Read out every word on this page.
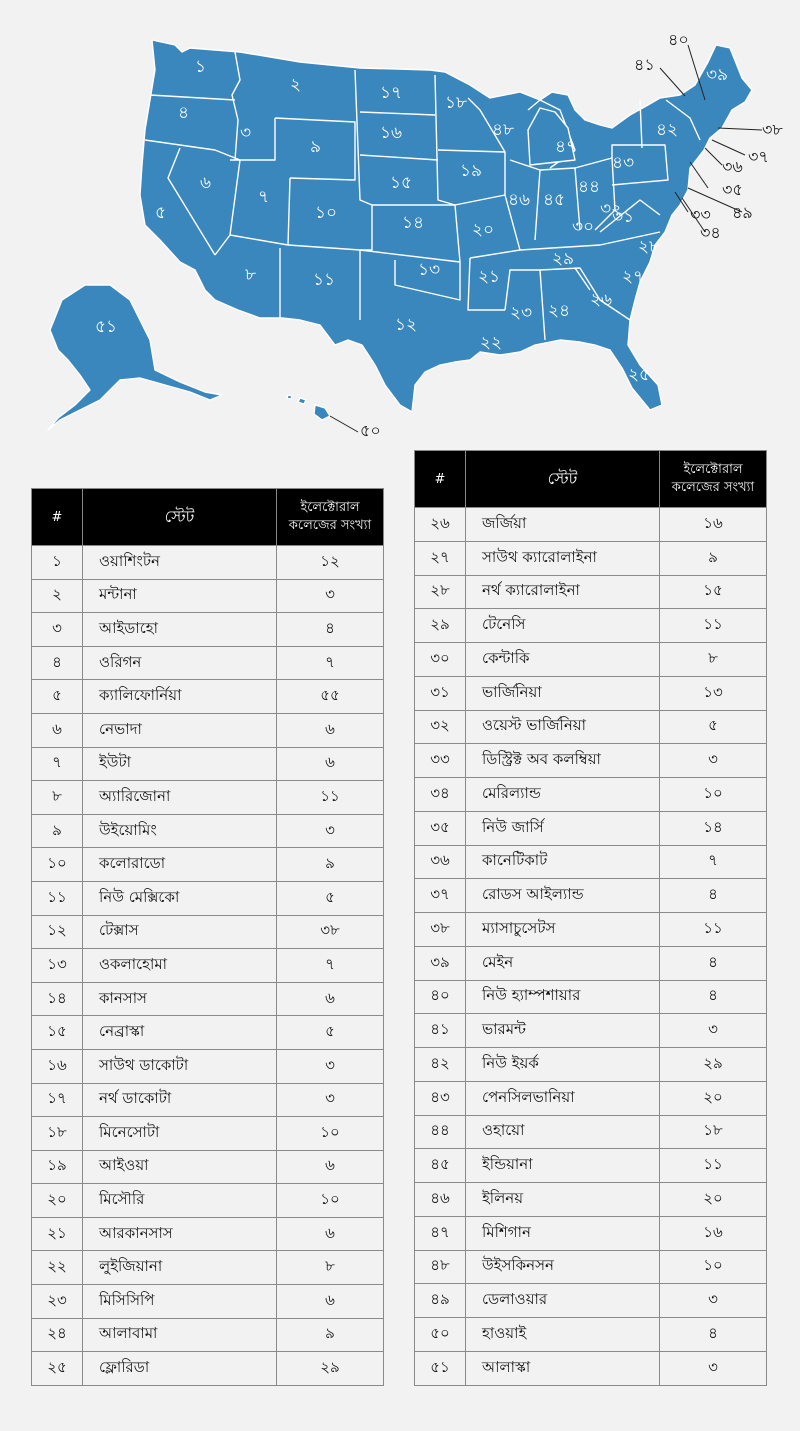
১
২
৩
৪
৫
৬
৭
৮
৯
১০
১১
১২
১৩
১৪
১৫
১৬
১৭	১৮
১৯
২০
২১
২২
২৩ ২৪
২৫
২৬
২৭
২৮
২৯
৩০ ৩১
৩২
৪২
৪৩
৪৪
৪৫
৪৬
৪৭
৪৮
৩৯
৫১
৪০
৪১
৩৮
৩৭
৩৬
৩৫
৩৩ ৪৯
৩৪
৫০
#	স্টেট	ইলেক্টোরাল
কলেজের সংখ্যা
১	ওয়াশিংটন	১২
২	মন্টানা	৩
৩	আইডাহো	৪
৪	ওরিগন	৭
৫	ক্যালিফোর্নিয়া	৫৫
৬	নেভাদা	৬
৭	ইউটা	৬
৮	অ্যারিজোনা	১১
৯	উইয়োমিং	৩
১০	কলোরাডো	৯
১১	নিউ মেক্সিকো	৫
১২	টেক্সাস	৩৮
১৩	ওকলাহোমা	৭
১৪	কানসাস	৬
১৫	নেব্রাস্কা	৫
১৬	সাউথ ডাকোটা	৩
১৭	নর্থ ডাকোটা	৩
১৮	মিনেসোটা	১০
১৯	আইওয়া	৬
২০	মিসৌরি	১০
২১	আরকানসাস	৬
২২	লুইজিয়ানা	৮
২৩	মিসিসিপি	৬
২৪	আলাবামা	৯
২৫	ফ্লোরিডা	২৯
#	স্টেট	ইলেক্টোরাল
কলেজের সংখ্যা
২৬	জর্জিয়া	১৬
২৭	সাউথ ক্যারোলাইনা	৯
২৮	নর্থ ক্যারোলাইনা	১৫
২৯	টেনেসি	১১
৩০	কেন্টাকি	৮
৩১	ভার্জিনিয়া	১৩
৩২	ওয়েস্ট ভার্জিনিয়া	৫
৩৩	ডিস্ট্রিক্ট অব কলম্বিয়া	৩
৩৪	মেরিল্যান্ড	১০
৩৫	নিউ জার্সি	১৪
৩৬	কানেটিকাট	৭
৩৭	রোডস আইল্যান্ড	৪
৩৮	ম্যাসাচুসেটস	১১
৩৯	মেইন	৪
৪০	নিউ হ্যাম্পশায়ার	৪
৪১	ভারমন্ট	৩
৪২	নিউ ইয়র্ক	২৯
৪৩	পেনসিলভানিয়া	২০
৪৪	ওহায়ো	১৮
৪৫	ইন্ডিয়ানা	১১
৪৬	ইলিনয়	২০
৪৭	মিশিগান	১৬
৪৮	উইসকিনসন	১০
৪৯	ডেলাওয়ার	৩
৫০	হাওয়াই	৪
৫১	আলাস্কা	৩
